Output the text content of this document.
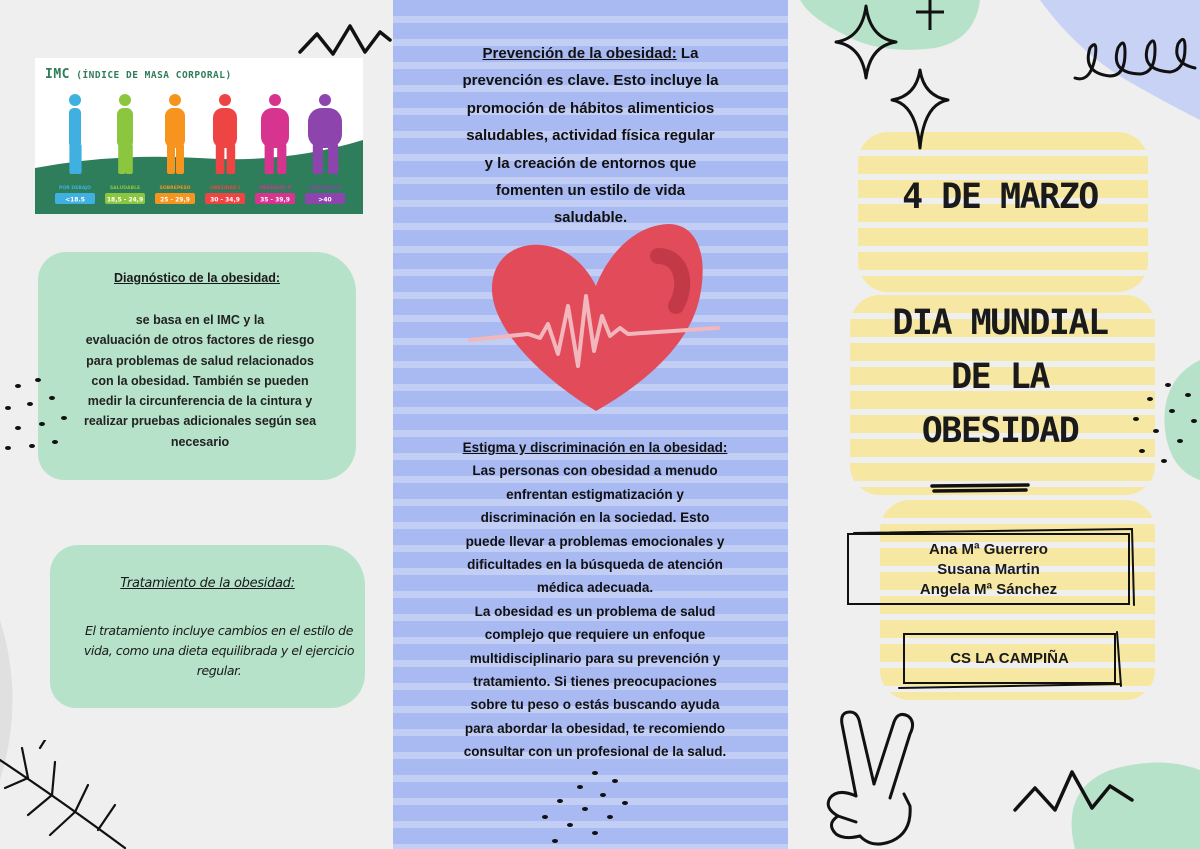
POR DEBAJO
<18.5
SALUDABLE
18,5 - 24,9
SOBREPESO
25 - 29,9
OBESIDAD I
30 - 34,9
OBESIDAD II
35 - 39,9
OBESIDAD III
>40
IMC (ÍNDICE DE MASA CORPORAL)
Diagnóstico de la obesidad:
se basa en el IMC y la
evaluación de otros factores de riesgo
para problemas de salud relacionados
con la obesidad. También se pueden
medir la circunferencia de la cintura y
realizar pruebas adicionales según sea
necesario
Tratamiento de la obesidad:
El tratamiento incluye cambios en el estilo de
vida, como una dieta equilibrada y el ejercicio
regular.
Prevención de la obesidad: La
prevención es clave. Esto incluye la
promoción de hábitos alimenticios
saludables, actividad física regular
y la creación de entornos que
fomenten un estilo de vida
saludable.
Estigma y discriminación en la obesidad:
Las personas con obesidad a menudo
enfrentan estigmatización y
discriminación en la sociedad. Esto
puede llevar a problemas emocionales y
dificultades en la búsqueda de atención
médica adecuada.
La obesidad es un problema de salud
complejo que requiere un enfoque
multidisciplinario para su prevención y
tratamiento. Si tienes preocupaciones
sobre tu peso o estás buscando ayuda
para abordar la obesidad, te recomiendo
consultar con un profesional de la salud.
4 DE MARZO
DIA MUNDIAL
DE LA
OBESIDAD
Ana Mª Guerrero
Susana Martin
Angela Mª Sánchez
CS LA CAMPIÑA
